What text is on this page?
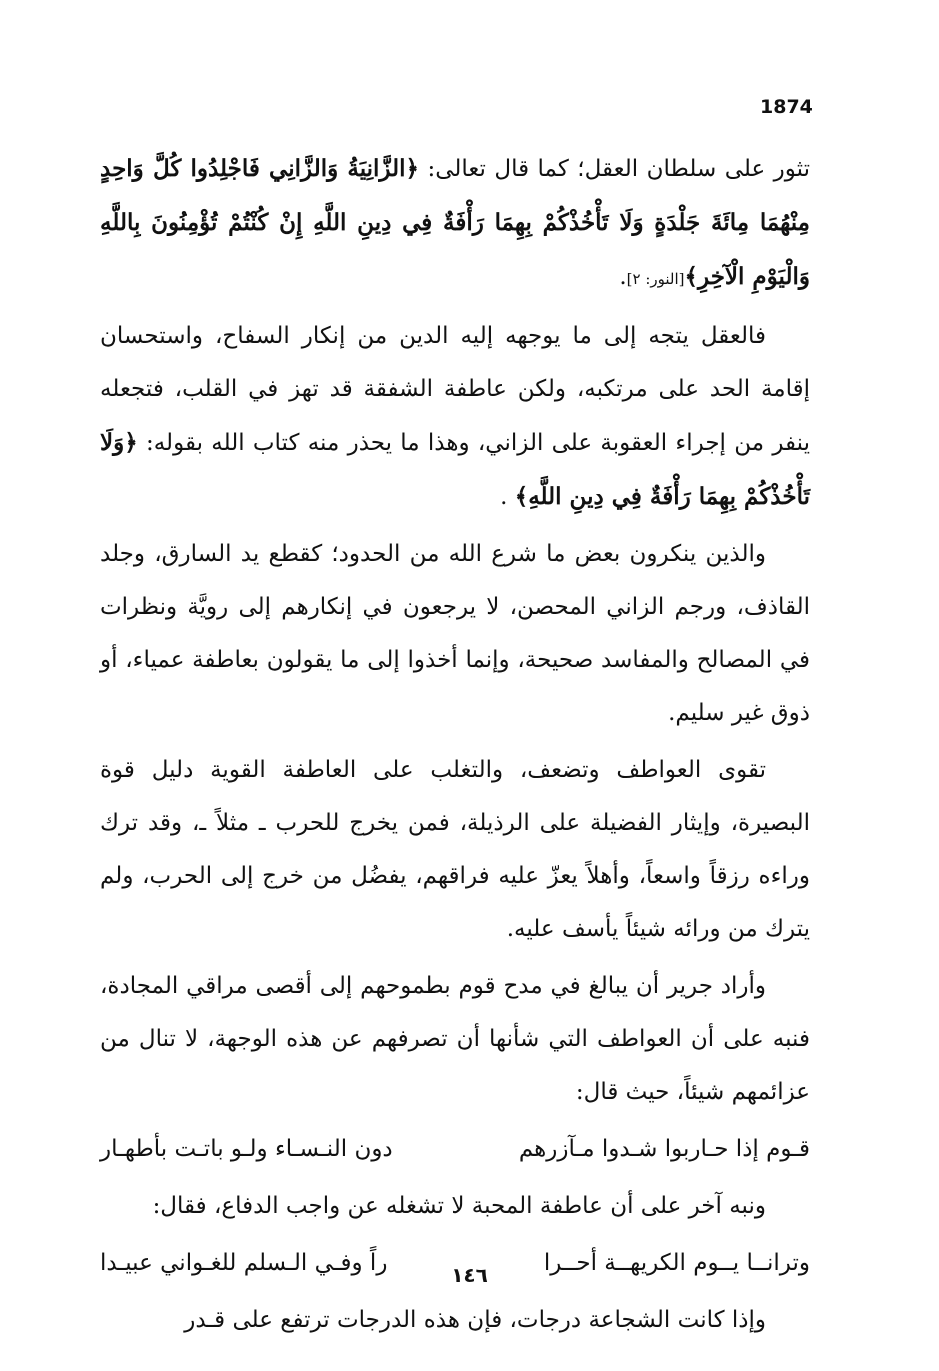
1874

تثور على سلطان العقل؛ كما قال تعالى: ﴿الزَّانِيَةُ وَالزَّانِي فَاجْلِدُوا كُلَّ وَاحِدٍ مِنْهُمَا مِائَةَ جَلْدَةٍ وَلَا تَأْخُذْكُمْ بِهِمَا رَأْفَةٌ فِي دِينِ اللَّهِ إِنْ كُنْتُمْ تُؤْمِنُونَ بِاللَّهِ وَالْيَوْمِ الْآخِرِ﴾[النور: ٢].

فالعقل يتجه إلى ما يوجهه إليه الدين من إنكار السفاح، واستحسان إقامة الحد على مرتكبه، ولكن عاطفة الشفقة قد تهز في القلب، فتجعله ينفر من إجراء العقوبة على الزاني، وهذا ما يحذر منه كتاب الله بقوله: ﴿وَلَا تَأْخُذْكُمْ بِهِمَا رَأْفَةٌ فِي دِينِ اللَّهِ﴾ .

والذين ينكرون بعض ما شرع الله من الحدود؛ كقطع يد السارق، وجلد القاذف، ورجم الزاني المحصن، لا يرجعون في إنكارهم إلى رويَّة ونظرات في المصالح والمفاسد صحيحة، وإنما أخذوا إلى ما يقولون بعاطفة عمياء، أو ذوق غير سليم.

تقوى العواطف وتضعف، والتغلب على العاطفة القوية دليل قوة البصيرة، وإيثار الفضيلة على الرذيلة، فمن يخرج للحرب ـ مثلاً ـ، وقد ترك وراءه رزقاً واسعاً، وأهلاً يعزّ عليه فراقهم، يفضُل من خرج إلى الحرب، ولم يترك من ورائه شيئاً يأسف عليه.

وأراد جرير أن يبالغ في مدح قوم بطموحهم إلى أقصى مراقي المجادة، فنبه على أن العواطف التي شأنها أن تصرفهم عن هذه الوجهة، لا تنال من عزائمهم شيئاً، حيث قال:

قـوم إذا حـاربوا شـدوا مـآزرهم
دون النـسـاء ولـو باتـت بأطهـار

ونبه آخر على أن عاطفة المحبة لا تشغله عن واجب الدفاع، فقال:

وترانــا يــوم الكريهــة أحــرا
راً وفـي الـسلم للغـواني عبيـدا

وإذا كانت الشجاعة درجات، فإن هذه الدرجات ترتفع على قـدر

١٤٦
